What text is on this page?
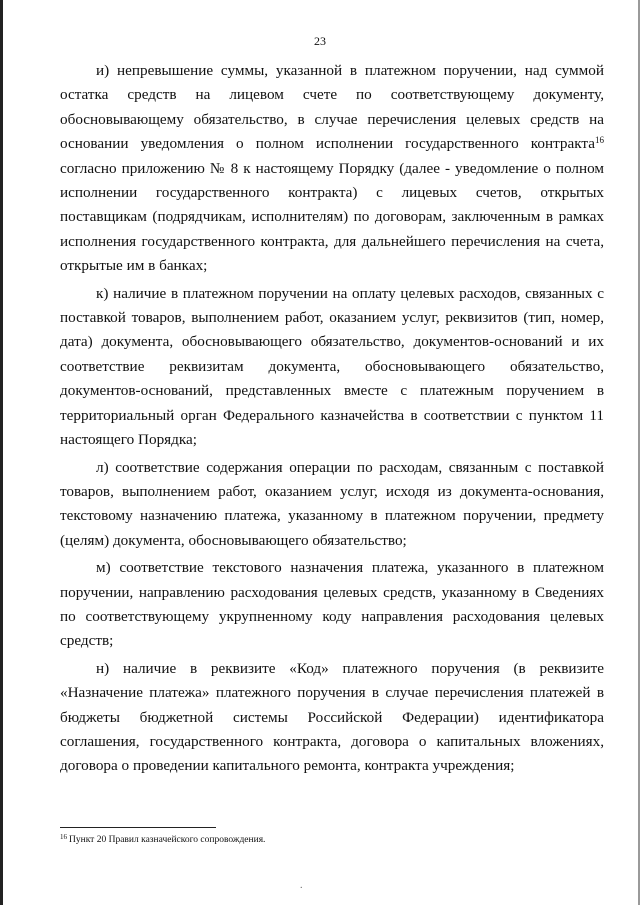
23

и) непревышение суммы, указанной в платежном поручении, над суммой остатка средств на лицевом счете по соответствующему документу, обосновывающему обязательство, в случае перечисления целевых средств на основании уведомления о полном исполнении государственного контракта$^{16}$ согласно приложению № 8 к настоящему Порядку (далее - уведомление о полном исполнении государственного контракта) с лицевых счетов, открытых поставщикам (подрядчикам, исполнителям) по договорам, заключенным в рамках исполнения государственного контракта, для дальнейшего перечисления на счета, открытые им в банках;

к) наличие в платежном поручении на оплату целевых расходов, связанных с поставкой товаров, выполнением работ, оказанием услуг, реквизитов (тип, номер, дата) документа, обосновывающего обязательство, документов-оснований и их соответствие реквизитам документа, обосновывающего обязательство, документов-оснований, представленных вместе с платежным поручением в территориальный орган Федерального казначейства в соответствии с пунктом 11 настоящего Порядка;

л) соответствие содержания операции по расходам, связанным с поставкой товаров, выполнением работ, оказанием услуг, исходя из документа-основания, текстовому назначению платежа, указанному в платежном поручении, предмету (целям) документа, обосновывающего обязательство;

м) соответствие текстового назначения платежа, указанного в платежном поручении, направлению расходования целевых средств, указанному в Сведениях по соответствующему укрупненному коду направления расходования целевых средств;

н) наличие в реквизите «Код» платежного поручения (в реквизите «Назначение платежа» платежного поручения в случае перечисления платежей в бюджеты бюджетной системы Российской Федерации) идентификатора соглашения, государственного контракта, договора о капитальных вложениях, договора о проведении капитального ремонта, контракта учреждения;

$^{16}$ Пункт 20 Правил казначейского сопровождения.
.
